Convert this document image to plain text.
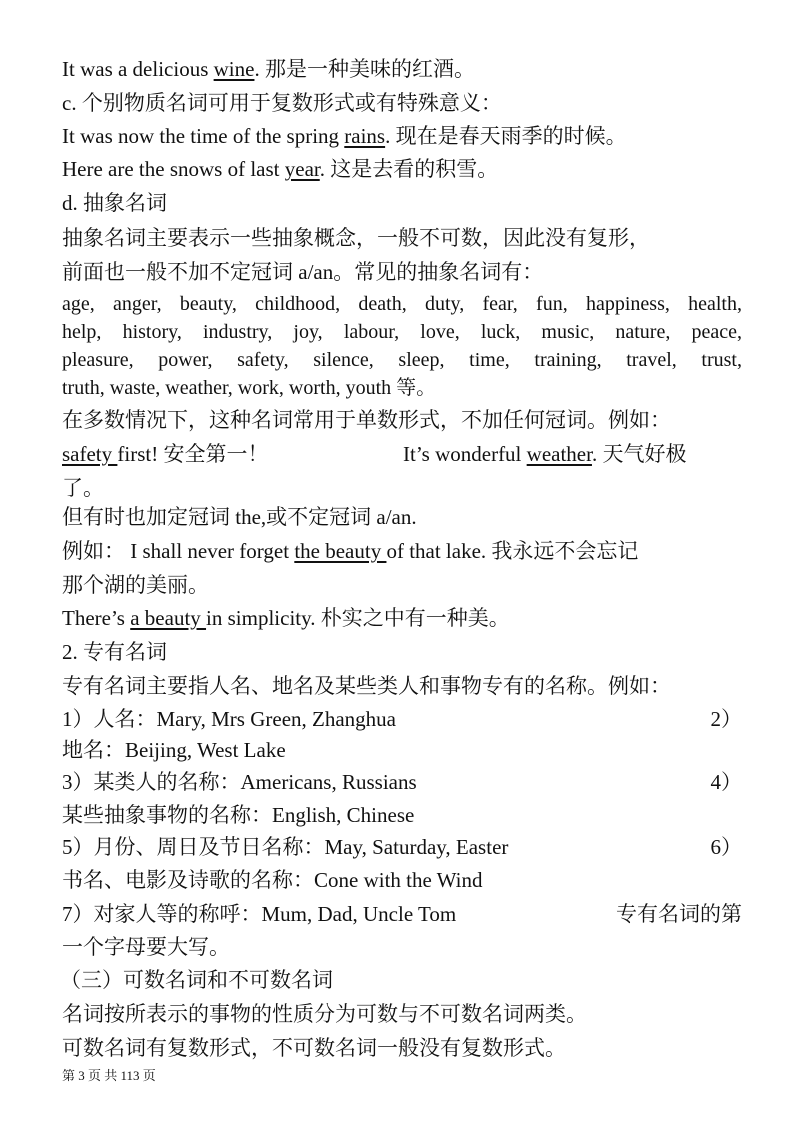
It was a delicious wine. 那是一种美味的红酒。
c. 个别物质名词可用于复数形式或有特殊意义：
It was now the time of the spring rains. 现在是春天雨季的时候。
Here are the snows of last year. 这是去看的积雪。
d. 抽象名词
抽象名词主要表示一些抽象概念，一般不可数，因此没有复形，
前面也一般不加不定冠词 a/an。常见的抽象名词有：
age, anger, beauty, childhood, death, duty, fear, fun, happiness, health,
help, history, industry, joy, labour, love, luck, music, nature, peace,
pleasure, power, safety, silence, sleep, time, training, travel, trust,
truth, waste, weather, work, worth, youth 等。
在多数情况下，这种名词常用于单数形式，不加任何冠词。例如：
safety first! 安全第一！	It’s wonderful weather. 天气好极
了。
但有时也加定冠词 the,或不定冠词 a/an.
例如： I shall never forget the beauty of that lake. 我永远不会忘记
那个湖的美丽。
There’s a beauty in simplicity. 朴实之中有一种美。
2. 专有名词
专有名词主要指人名、地名及某些类人和事物专有的名称。例如：
1）人名：Mary, Mrs Green, Zhanghua	2）
地名：Beijing, West Lake
3）某类人的名称：Americans, Russians	4）
某些抽象事物的名称：English, Chinese
5）月份、周日及节日名称：May, Saturday, Easter	6）
书名、电影及诗歌的名称：Cone with the Wind
7）对家人等的称呼：Mum, Dad, Uncle Tom	专有名词的第
一个字母要大写。
（三）可数名词和不可数名词
名词按所表示的事物的性质分为可数与不可数名词两类。
可数名词有复数形式，不可数名词一般没有复数形式。
第 3 页 共 113 页
